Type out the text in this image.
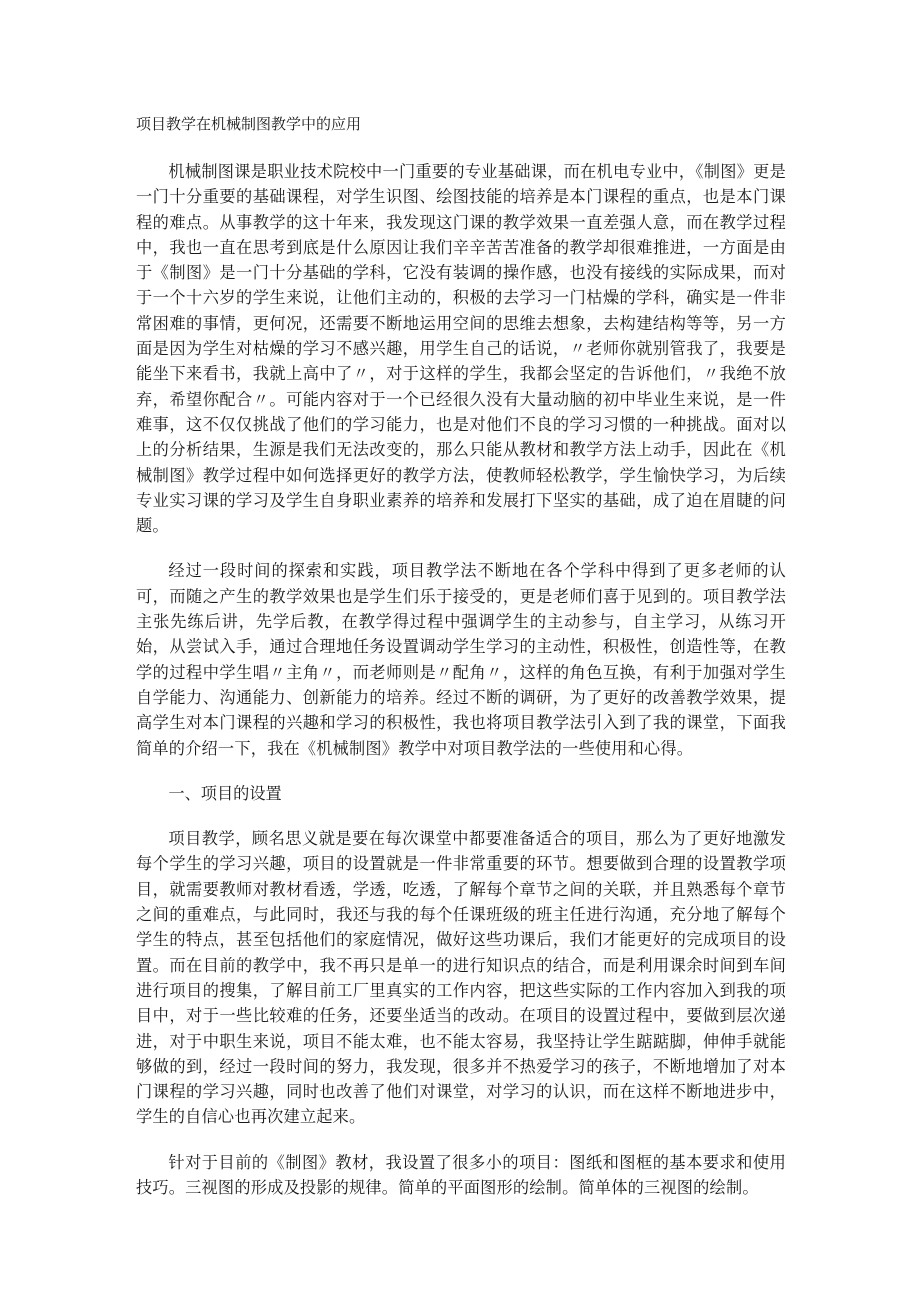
项目教学在机械制图教学中的应用

机械制图课是职业技术院校中一门重要的专业基础课，而在机电专业中，《制图》更是一门十分重要的基础课程，对学生识图、绘图技能的培养是本门课程的重点，也是本门课程的难点。从事教学的这十年来，我发现这门课的教学效果一直差强人意，而在教学过程中，我也一直在思考到底是什么原因让我们辛辛苦苦准备的教学却很难推进，一方面是由于《制图》是一门十分基础的学科，它没有装调的操作感，也没有接线的实际成果，而对于一个十六岁的学生来说，让他们主动的，积极的去学习一门枯燥的学科，确实是一件非常困难的事情，更何况，还需要不断地运用空间的思维去想象，去构建结构等等，另一方面是因为学生对枯燥的学习不感兴趣，用学生自己的话说，〃老师你就别管我了，我要是能坐下来看书，我就上高中了〃，对于这样的学生，我都会坚定的告诉他们，〃我绝不放弃，希望你配合〃。可能内容对于一个已经很久没有大量动脑的初中毕业生来说，是一件难事，这不仅仅挑战了他们的学习能力，也是对他们不良的学习习惯的一种挑战。面对以上的分析结果，生源是我们无法改变的，那么只能从教材和教学方法上动手，因此在《机械制图》教学过程中如何选择更好的教学方法，使教师轻松教学，学生愉快学习，为后续专业实习课的学习及学生自身职业素养的培养和发展打下坚实的基础，成了迫在眉睫的问题。

经过一段时间的探索和实践，项目教学法不断地在各个学科中得到了更多老师的认可，而随之产生的教学效果也是学生们乐于接受的，更是老师们喜于见到的。项目教学法主张先练后讲，先学后教，在教学得过程中强调学生的主动参与，自主学习，从练习开始，从尝试入手，通过合理地任务设置调动学生学习的主动性，积极性，创造性等，在教学的过程中学生唱〃主角〃，而老师则是〃配角〃，这样的角色互换，有利于加强对学生自学能力、沟通能力、创新能力的培养。经过不断的调研，为了更好的改善教学效果，提高学生对本门课程的兴趣和学习的积极性，我也将项目教学法引入到了我的课堂，下面我简单的介绍一下，我在《机械制图》教学中对项目教学法的一些使用和心得。

一、项目的设置

项目教学，顾名思义就是要在每次课堂中都要准备适合的项目，那么为了更好地激发每个学生的学习兴趣，项目的设置就是一件非常重要的环节。想要做到合理的设置教学项目，就需要教师对教材看透，学透，吃透，了解每个章节之间的关联，并且熟悉每个章节之间的重难点，与此同时，我还与我的每个任课班级的班主任进行沟通，充分地了解每个学生的特点，甚至包括他们的家庭情况，做好这些功课后，我们才能更好的完成项目的设置。而在目前的教学中，我不再只是单一的进行知识点的结合，而是利用课余时间到车间进行项目的搜集，了解目前工厂里真实的工作内容，把这些实际的工作内容加入到我的项目中，对于一些比较难的任务，还要坐适当的改动。在项目的设置过程中，要做到层次递进，对于中职生来说，项目不能太难，也不能太容易，我坚持让学生踮踮脚，伸伸手就能够做的到，经过一段时间的努力，我发现，很多并不热爱学习的孩子，不断地增加了对本门课程的学习兴趣，同时也改善了他们对课堂，对学习的认识，而在这样不断地进步中，学生的自信心也再次建立起来。

针对于目前的《制图》教材，我设置了很多小的项目：图纸和图框的基本要求和使用技巧。三视图的形成及投影的规律。简单的平面图形的绘制。简单体的三视图的绘制。
